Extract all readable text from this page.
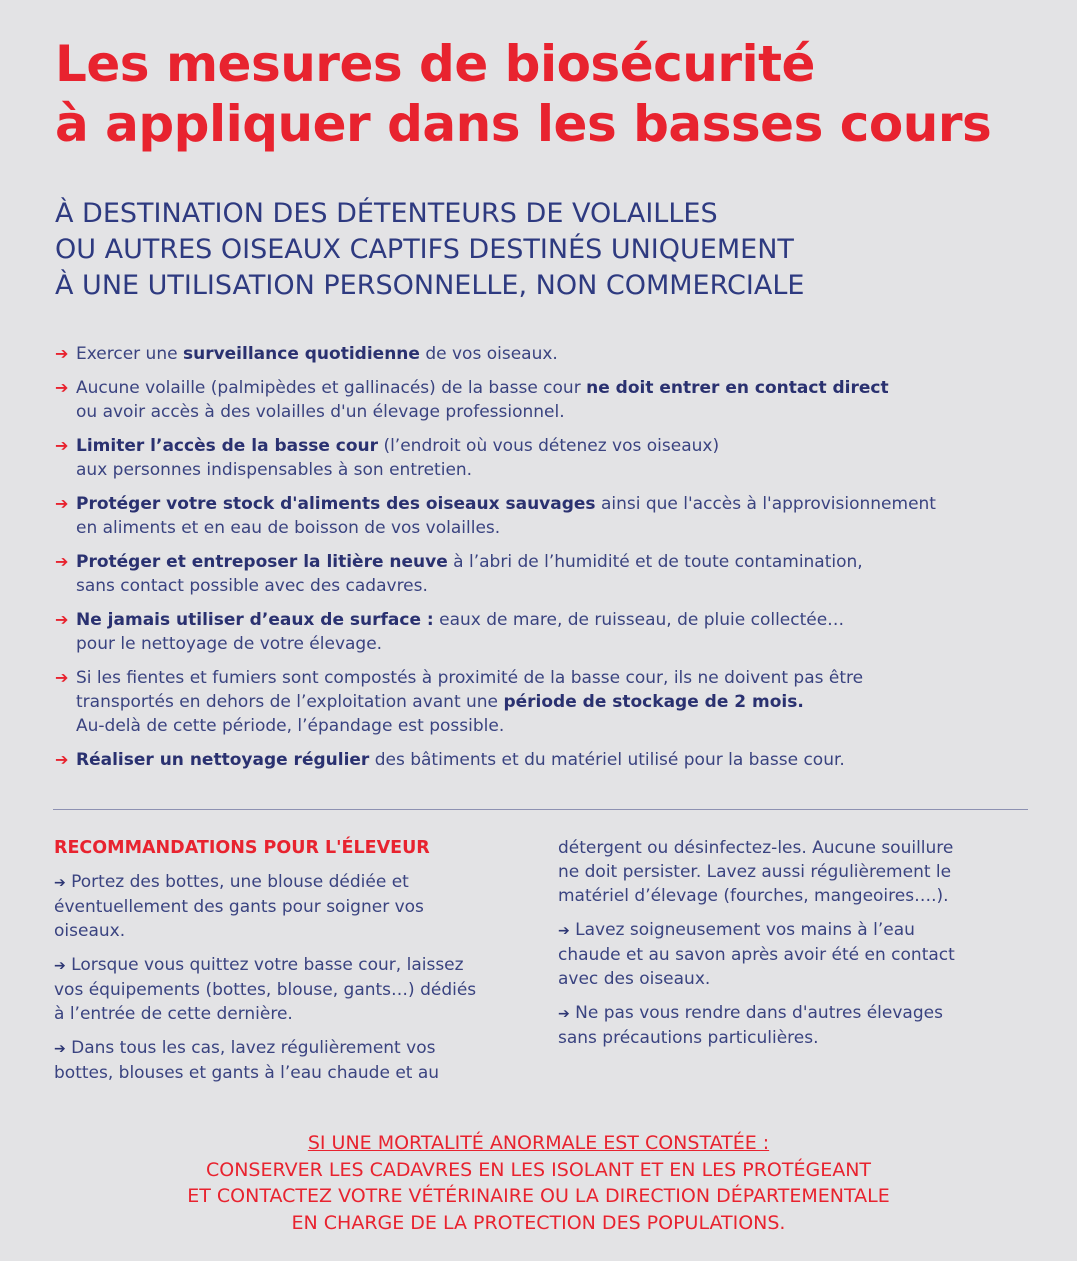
Les mesures de biosécurité
à appliquer dans les basses cours
À DESTINATION DES DÉTENTEURS DE VOLAILLES
OU AUTRES OISEAUX CAPTIFS DESTINÉS UNIQUEMENT
À UNE UTILISATION PERSONNELLE, NON COMMERCIALE
➔ Exercer une surveillance quotidienne de vos oiseaux.
➔ Aucune volaille (palmipèdes et gallinacés) de la basse cour ne doit entrer en contact direct
ou avoir accès à des volailles d'un élevage professionnel.
➔ Limiter l’accès de la basse cour (l’endroit où vous détenez vos oiseaux)
aux personnes indispensables à son entretien.
➔ Protéger votre stock d'aliments des oiseaux sauvages ainsi que l'accès à l'approvisionnement
en aliments et en eau de boisson de vos volailles.
➔ Protéger et entreposer la litière neuve à l’abri de l’humidité et de toute contamination,
sans contact possible avec des cadavres.
➔ Ne jamais utiliser d’eaux de surface : eaux de mare, de ruisseau, de pluie collectée…
pour le nettoyage de votre élevage.
➔ Si les fientes et fumiers sont compostés à proximité de la basse cour, ils ne doivent pas être
transportés en dehors de l’exploitation avant une période de stockage de 2 mois.
Au-delà de cette période, l’épandage est possible.
➔ Réaliser un nettoyage régulier des bâtiments et du matériel utilisé pour la basse cour.
RECOMMANDATIONS POUR L'ÉLEVEUR

➔ Portez des bottes, une blouse dédiée et
éventuellement des gants pour soigner vos
oiseaux.

➔ Lorsque vous quittez votre basse cour, laissez
vos équipements (bottes, blouse, gants…) dédiés
à l’entrée de cette dernière.

➔ Dans tous les cas, lavez régulièrement vos
bottes, blouses et gants à l’eau chaude et au

détergent ou désinfectez-les. Aucune souillure
ne doit persister. Lavez aussi régulièrement le
matériel d’élevage (fourches, mangeoires….).

➔ Lavez soigneusement vos mains à l’eau
chaude et au savon après avoir été en contact
avec des oiseaux.

➔ Ne pas vous rendre dans d'autres élevages
sans précautions particulières.

SI UNE MORTALITÉ ANORMALE EST CONSTATÉE :
CONSERVER LES CADAVRES EN LES ISOLANT ET EN LES PROTÉGEANT
ET CONTACTEZ VOTRE VÉTÉRINAIRE OU LA DIRECTION DÉPARTEMENTALE
EN CHARGE DE LA PROTECTION DES POPULATIONS.
